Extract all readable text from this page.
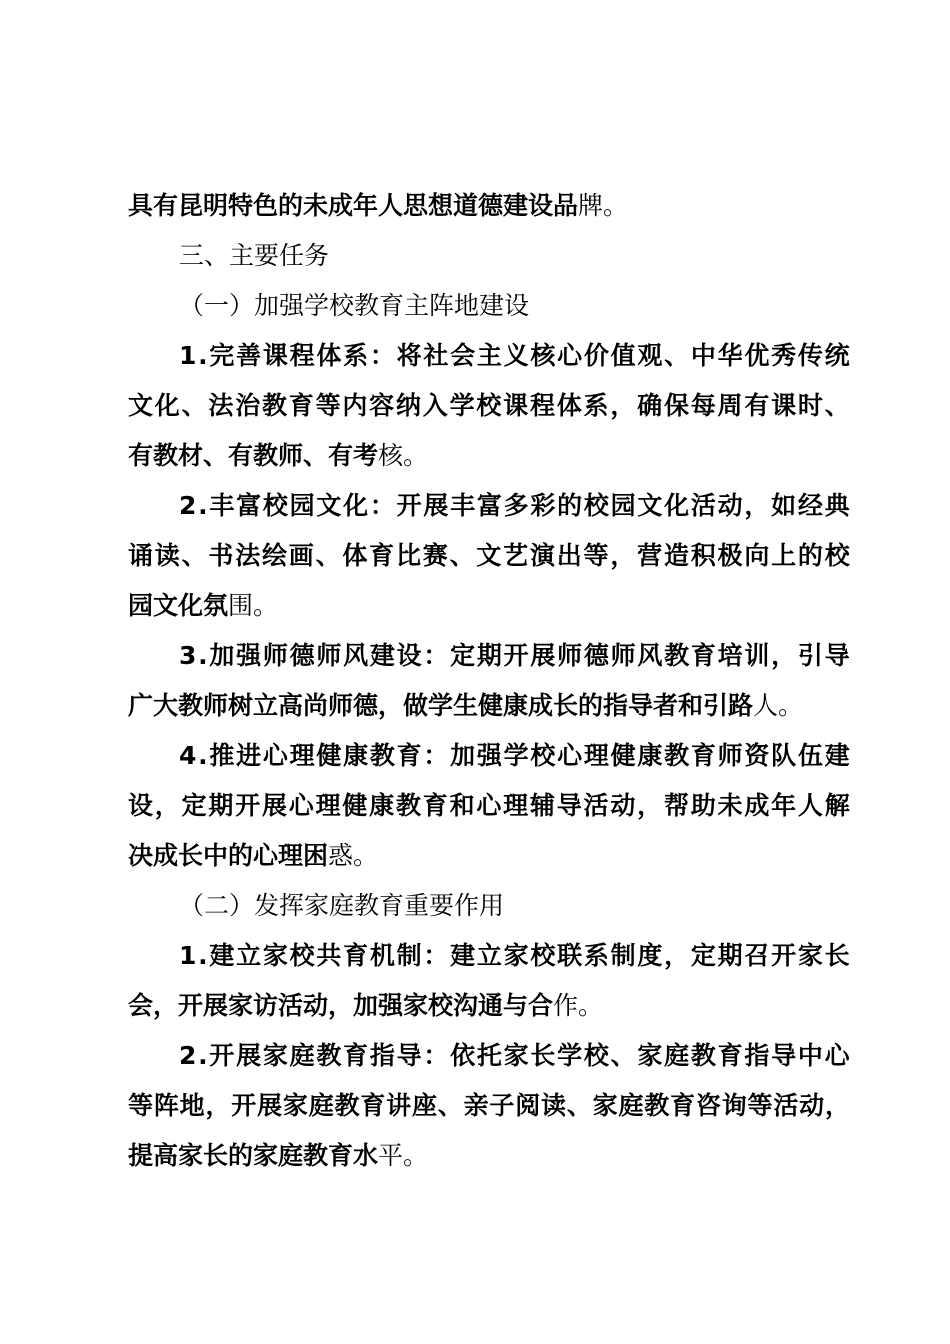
具有昆明特色的未成年人思想道德建设品牌。
三、主要任务
（一）加强学校教育主阵地建设
1 . 完 善 课 程 体 系 ： 将 社 会 主 义 核 心 价 值 观 、 中 华 优 秀 传 统
文 化 、 法 治 教 育 等 内 容 纳 入 学 校 课 程 体 系 ， 确 保 每 周 有 课 时 、
有教材、有教师、有考核。
2 . 丰 富 校 园 文 化 ： 开 展 丰 富 多 彩 的 校 园 文 化 活 动 ， 如 经 典
诵 读 、 书 法 绘 画 、 体 育 比 赛 、 文 艺 演 出 等 ， 营 造 积 极 向 上 的 校
园文化氛围。
3 . 加 强 师 德 师 风 建 设 ： 定 期 开 展 师 德 师 风 教 育 培 训 ， 引 导
广大教师树立高尚师德，做学生健康成长的指导者和引路人。
4 . 推 进 心 理 健 康 教 育 ： 加 强 学 校 心 理 健 康 教 育 师 资 队 伍 建
设 ， 定 期 开 展 心 理 健 康 教 育 和 心 理 辅 导 活 动 ， 帮 助 未 成 年 人 解
决成长中的心理困惑。
（二）发挥家庭教育重要作用
1 . 建 立 家 校 共 育 机 制 ： 建 立 家 校 联 系 制 度 ， 定 期 召 开 家 长
会，开展家访活动，加强家校沟通与合作。
2 . 开 展 家 庭 教 育 指 导 ： 依 托 家 长 学 校 、 家 庭 教 育 指 导 中 心
等 阵 地 ， 开 展 家 庭 教 育 讲 座 、 亲 子 阅 读 、 家 庭 教 育 咨 询 等 活 动 ，
提高家长的家庭教育水平。
